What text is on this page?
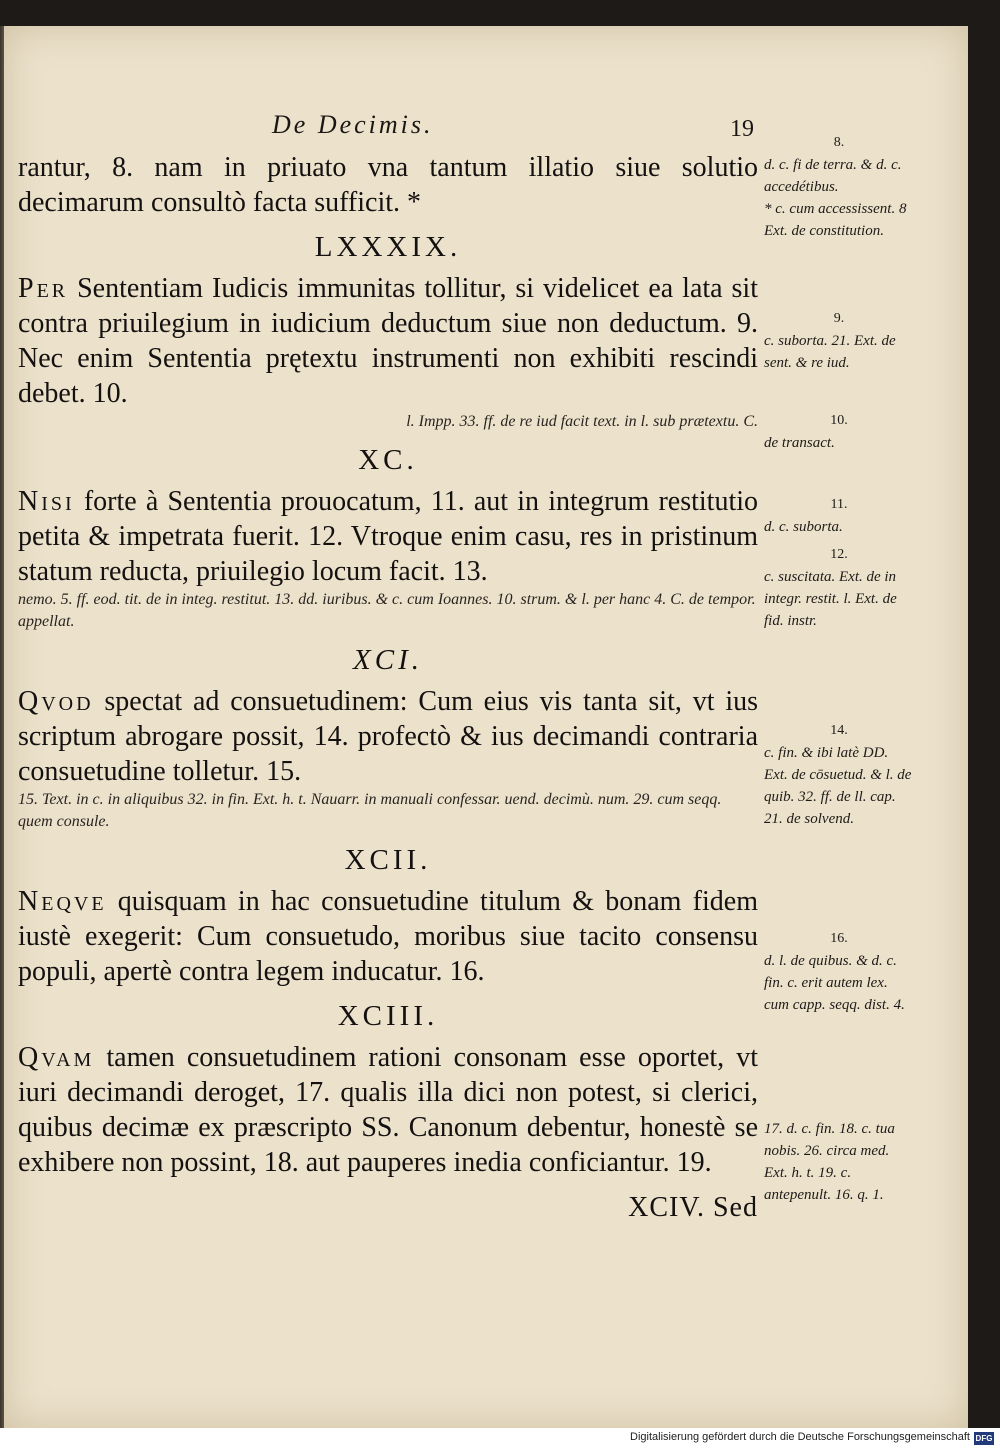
De Decimis.	19

rantur, 8. nam in priuato vna tantum illatio siue solutio decimarum consultò facta sufficit. *

LXXXIX.

Per Sententiam Iudicis immunitas tollitur, si videlicet ea lata sit contra priuilegium in iudicium deductum siue non deductum. 9. Nec enim Sententia prętextu instrumenti non exhibiti rescindi debet. 10.

l. Impp. 33. ff. de re iud facit text. in l. sub prætextu. C.
XC.

Nisi forte à Sententia prouocatum, 11. aut in integrum restitutio petita & impetrata fuerit. 12. Vtroque enim casu, res in pristinum statum reducta, priuilegio locum facit. 13.

nemo. 5. ff. eod. tit. de in integ. restitut. 13. dd. iuribus. & c. cum Ioannes. 10. strum. & l. per hanc 4. C. de tempor. appellat.
XCI.

Qvod spectat ad consuetudinem: Cum eius vis tanta sit, vt ius scriptum abrogare possit, 14. profectò & ius decimandi contraria consuetudine tolletur. 15.

15. Text. in c. in aliquibus 32. in fin. Ext. h. t. Nauarr. in manuali confessar. uend. decimù. num. 29. cum seqq. quem consule.
XCII.

Neqve quisquam in hac consuetudine titulum & bonam fidem iustè exegerit: Cum consuetudo, moribus siue tacito consensu populi, apertè contra legem inducatur. 16.

XCIII.

Qvam tamen consuetudinem rationi consonam esse oportet, vt iuri decimandi deroget, 17. qualis illa dici non potest, si clerici, quibus decimæ ex præscripto SS. Canonum debentur, honestè se exhibere non possint, 18. aut pauperes inedia conficiantur. 19.

XCIV. Sed
8.
d. c. fi de terra. & d. c. accedétibus.
* c. cum accessissent. 8 Ext. de constitution.
9.
c. suborta. 21. Ext. de sent. & re iud.
10.
de transact.
11.
d. c. suborta.
12.
c. suscitata. Ext. de in integr. restit. l. Ext. de fid. instr.
14.
c. fin. & ibi latè DD. Ext. de cōsuetud. & l. de quib. 32. ff. de ll. cap. 21. de solvend.
16.
d. l. de quibus. & d. c. fin. c. erit autem lex. cum capp. seqq. dist. 4.
17. d. c. fin. 18. c. tua nobis. 26. circa med. Ext. h. t. 19. c. antepenult. 16. q. 1.
Digitalisierung gefördert durch die Deutsche Forschungsgemeinschaft DFG
